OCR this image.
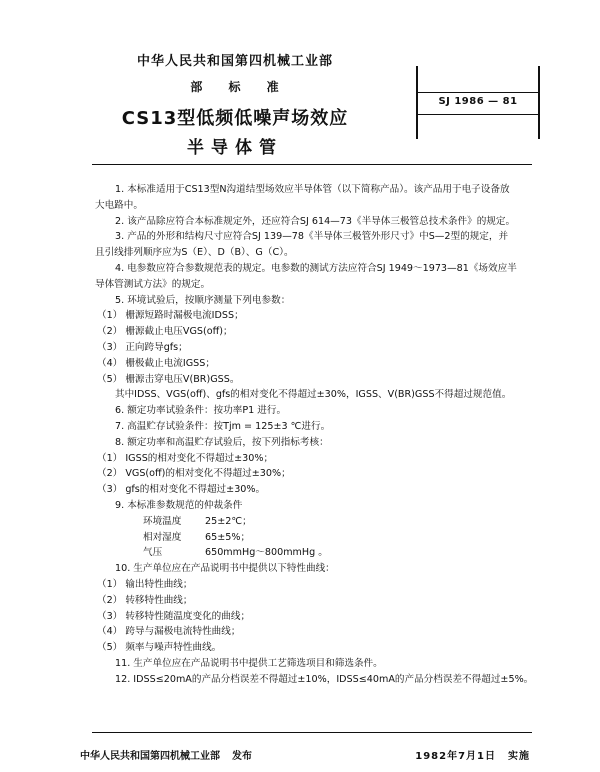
中华人民共和国第四机械工业部
部 标 准
CS13型低频低噪声场效应
半导体管
SJ 1986 — 81
1. 本标准适用于CS13型N沟道结型场效应半导体管（以下简称产品）。该产品用于电子设备放
大电路中。
2. 该产品除应符合本标准规定外，还应符合SJ 614—73《半导体三极管总技术条件》的规定。
3. 产品的外形和结构尺寸应符合SJ 139—78《半导体三极管外形尺寸》中S—2型的规定，并
且引线排列顺序应为S（E）、D（B）、G（C）。
4. 电参数应符合参数规范表的规定。电参数的测试方法应符合SJ 1949～1973—81《场效应半
导体管测试方法》的规定。
5. 环境试验后，按顺序测量下列电参数：
（1） 栅源短路时漏极电流IDSS；
（2） 栅源截止电压VGS(off)；
（3） 正向跨导gfs；
（4） 栅极截止电流IGSS；
（5） 栅源击穿电压V(BR)GSS。
其中IDSS、VGS(off)、gfs的相对变化不得超过±30%，IGSS、V(BR)GSS不得超过规范值。
6. 额定功率试验条件：按功率P1 进行。
7. 高温贮存试验条件：按Tjm = 125±3 ℃进行。
8. 额定功率和高温贮存试验后，按下列指标考核：
（1） IGSS的相对变化不得超过±30%；
（2） VGS(off)的相对变化不得超过±30%；
（3） gfs的相对变化不得超过±30%。
9. 本标准参数规范的仲裁条件
环境温度 25±2℃；
相对湿度 65±5%；
气压	650mmHg～800mmHg 。
10. 生产单位应在产品说明书中提供以下特性曲线：
（1） 输出特性曲线；
（2） 转移特性曲线；
（3） 转移特性随温度变化的曲线；
（4） 跨导与漏极电流特性曲线；
（5） 频率与噪声特性曲线。
11. 生产单位应在产品说明书中提供工艺筛选项目和筛选条件。
12. IDSS≤20mA的产品分档误差不得超过±10%，IDSS≤40mA的产品分档误差不得超过±5%。
中华人民共和国第四机械工业部 发布	1982年7月1日 实施
